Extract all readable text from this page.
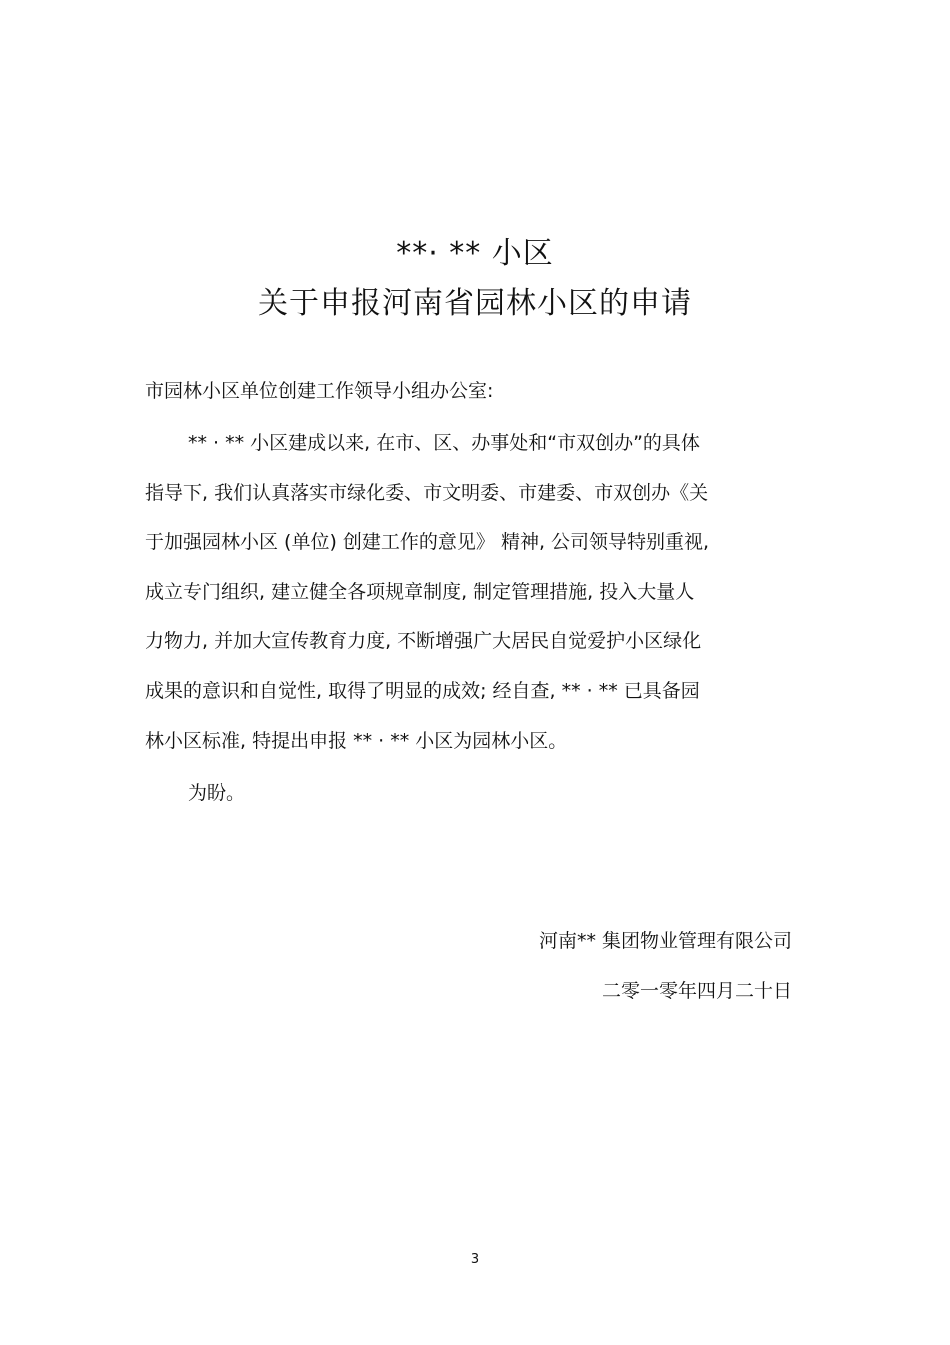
**· ** 小区
关于申报河南省园林小区的申请
市园林小区单位创建工作领导小组办公室:
** · ** 小区建成以来, 在市、区、办事处和“市双创办”的具体
指导下, 我们认真落实市绿化委、市文明委、市建委、市双创办《关
于加强园林小区 (单位) 创建工作的意见》 精神, 公司领导特别重视,
成立专门组织, 建立健全各项规章制度, 制定管理措施, 投入大量人
力物力, 并加大宣传教育力度, 不断增强广大居民自觉爱护小区绿化
成果的意识和自觉性, 取得了明显的成效; 经自查, ** · ** 已具备园
林小区标准, 特提出申报 ** · ** 小区为园林小区。
为盼。
河南** 集团物业管理有限公司
二零一零年四月二十日
3
